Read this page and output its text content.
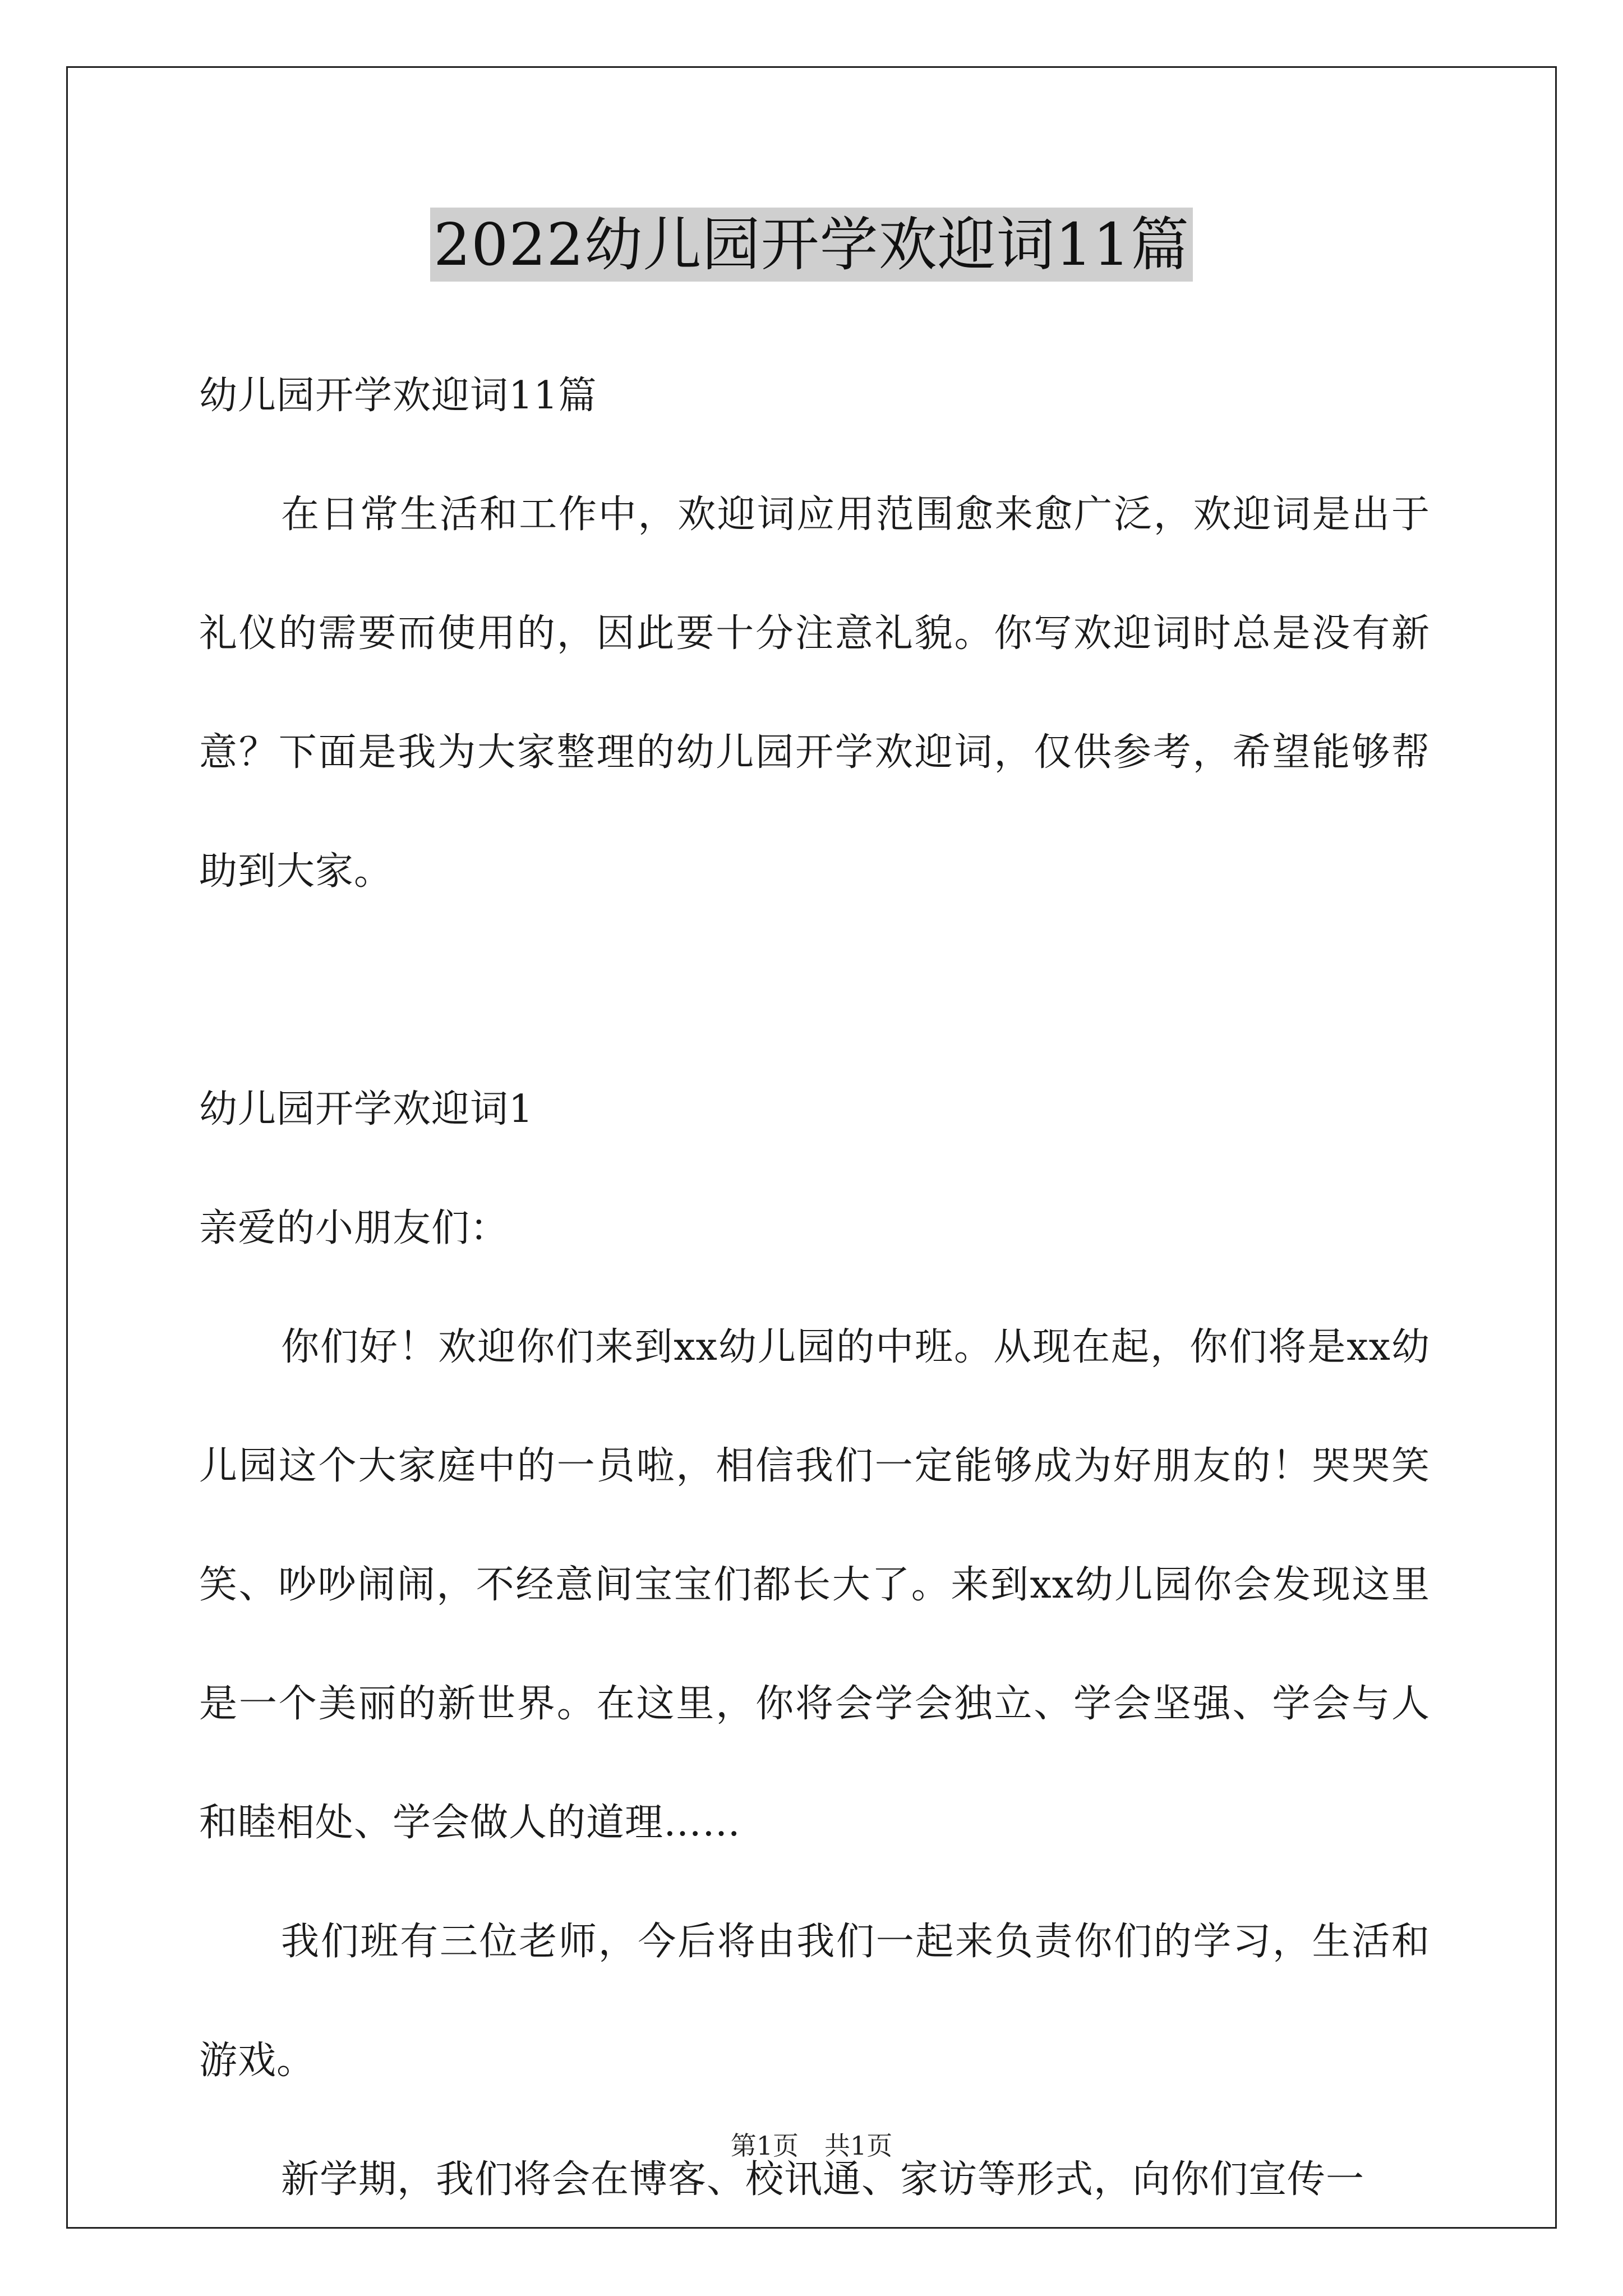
2022幼儿园开学欢迎词11篇

幼儿园开学欢迎词11篇

在日常生活和工作中，欢迎词应用范围愈来愈广泛，欢迎词是出于礼仪的需要而使用的，因此要十分注意礼貌。你写欢迎词时总是没有新意？下面是我为大家整理的幼儿园开学欢迎词，仅供参考，希望能够帮助到大家。

幼儿园开学欢迎词1

亲爱的小朋友们：

你们好！欢迎你们来到xx幼儿园的中班。从现在起，你们将是xx幼儿园这个大家庭中的一员啦，相信我们一定能够成为好朋友的！哭哭笑笑、吵吵闹闹，不经意间宝宝们都长大了。来到xx幼儿园你会发现这里是一个美丽的新世界。在这里，你将会学会独立、学会坚强、学会与人和睦相处、学会做人的道理……

我们班有三位老师，今后将由我们一起来负责你们的学习，生活和游戏。

新学期，我们将会在博客、校讯通、家访等形式，向你们宣传一

第1页　共1页
